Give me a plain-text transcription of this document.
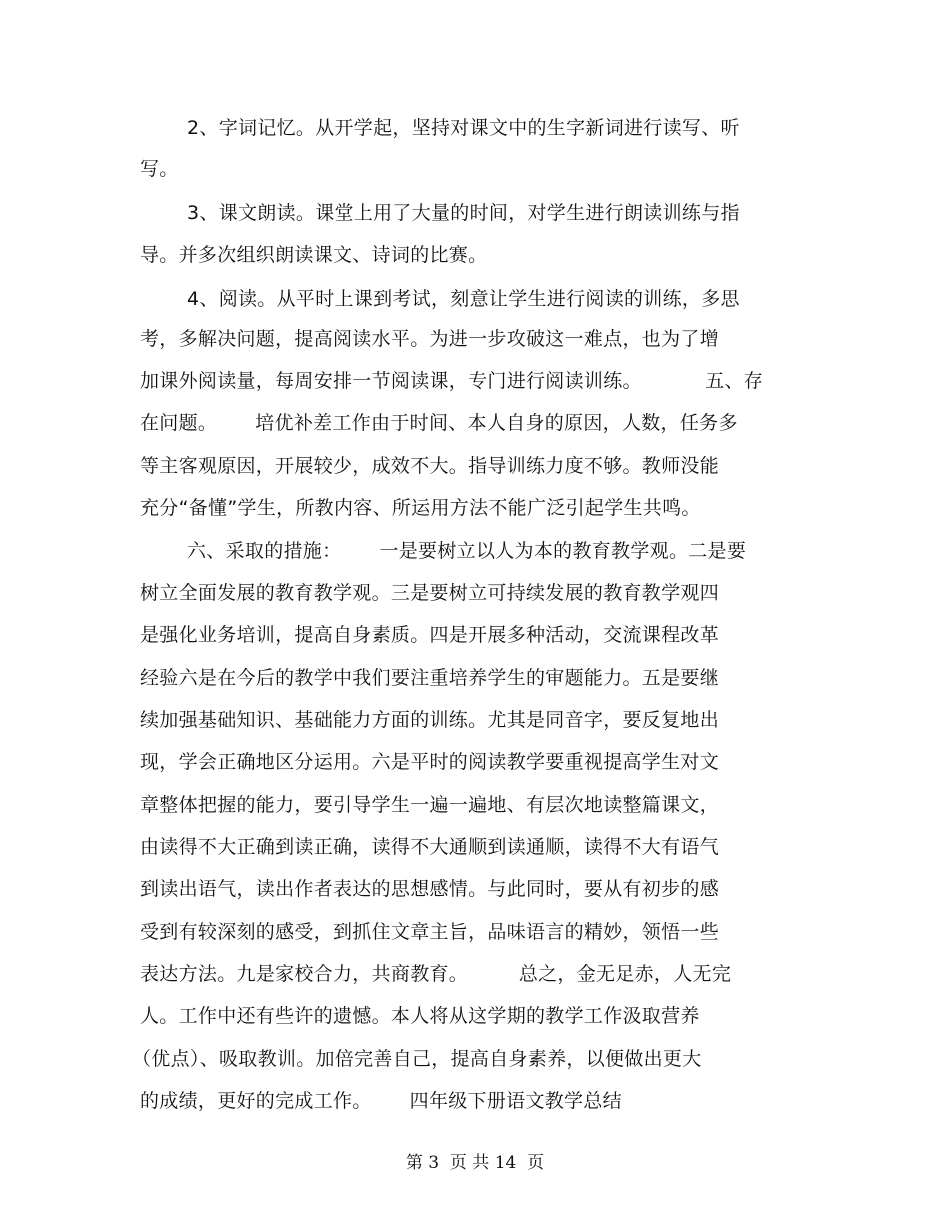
2、字词记忆。从开学起，坚持对课文中的生字新词进行读写、听
写。
3、课文朗读。课堂上用了大量的时间，对学生进行朗读训练与指
导。并多次组织朗读课文、诗词的比赛。
4、阅读。从平时上课到考试，刻意让学生进行阅读的训练，多思
考，多解决问题，提高阅读水平。为进一步攻破这一难点，也为了增
加课外阅读量，每周安排一节阅读课，专门进行阅读训练。          五、存
在问题。      培优补差工作由于时间、本人自身的原因，人数，任务多
等主客观原因，开展较少，成效不大。指导训练力度不够。教师没能
充分“备懂”学生，所教内容、所运用方法不能广泛引起学生共鸣。
六、采取的措施：      一是要树立以人为本的教育教学观。二是要
树立全面发展的教育教学观。三是要树立可持续发展的教育教学观四
是强化业务培训，提高自身素质。四是开展多种活动，交流课程改革
经验六是在今后的教学中我们要注重培养学生的审题能力。五是要继
续加强基础知识、基础能力方面的训练。尤其是同音字，要反复地出
现，学会正确地区分运用。六是平时的阅读教学要重视提高学生对文
章整体把握的能力，要引导学生一遍一遍地、有层次地读整篇课文，
由读得不大正确到读正确，读得不大通顺到读通顺，读得不大有语气
到读出语气，读出作者表达的思想感情。与此同时，要从有初步的感
受到有较深刻的感受，到抓住文章主旨，品味语言的精妙，领悟一些
表达方法。九是家校合力，共商教育。        总之，金无足赤，人无完
人。工作中还有些许的遗憾。本人将从这学期的教学工作汲取营养
（优点）、吸取教训。加倍完善自己，提高自身素养，以便做出更大
的成绩，更好的完成工作。      四年级下册语文教学总结
第 3  页 共 14  页
